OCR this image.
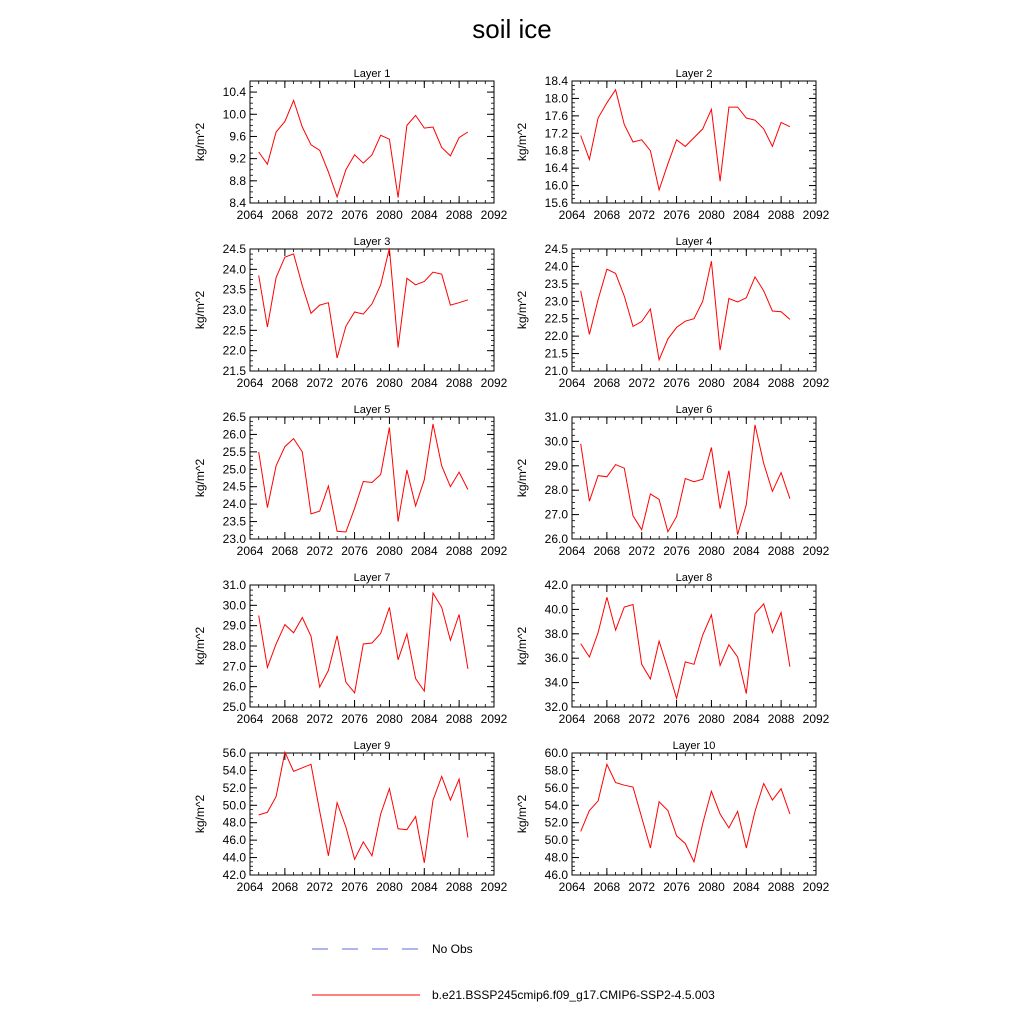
soil ice
Layer 1
2064 2068 2072 2076 2080 2084 2088 2092
8.4
8.8
9.2
9.6
10.0
10.4
kg/m^2
Layer 2
2064 2068 2072 2076 2080 2084 2088 2092
15.6
16.0
16.4
16.8
17.2
17.6
18.0
18.4
kg/m^2
Layer 3
2064 2068 2072 2076 2080 2084 2088 2092
21.5
22.0
22.5
23.0
23.5
24.0
24.5
kg/m^2
Layer 4
2064 2068 2072 2076 2080 2084 2088 2092
21.0
21.5
22.0
22.5
23.0
23.5
24.0
24.5
kg/m^2
Layer 5
2064 2068 2072 2076 2080 2084 2088 2092
23.0
23.5
24.0
24.5
25.0
25.5
26.0
26.5
kg/m^2
Layer 6
2064 2068 2072 2076 2080 2084 2088 2092
26.0
27.0
28.0
29.0
30.0
31.0
kg/m^2
Layer 7
2064 2068 2072 2076 2080 2084 2088 2092
25.0
26.0
27.0
28.0
29.0
30.0
31.0
kg/m^2
Layer 8
2064 2068 2072 2076 2080 2084 2088 2092
32.0
34.0
36.0
38.0
40.0
42.0
kg/m^2
Layer 9
2064 2068 2072 2076 2080 2084 2088 2092
42.0
44.0
46.0
48.0
50.0
52.0
54.0
56.0
kg/m^2
Layer 10
2064 2068 2072 2076 2080 2084 2088 2092
46.0
48.0
50.0
52.0
54.0
56.0
58.0
60.0
kg/m^2
No Obs
b.e21.BSSP245cmip6.f09_g17.CMIP6-SSP2-4.5.003
